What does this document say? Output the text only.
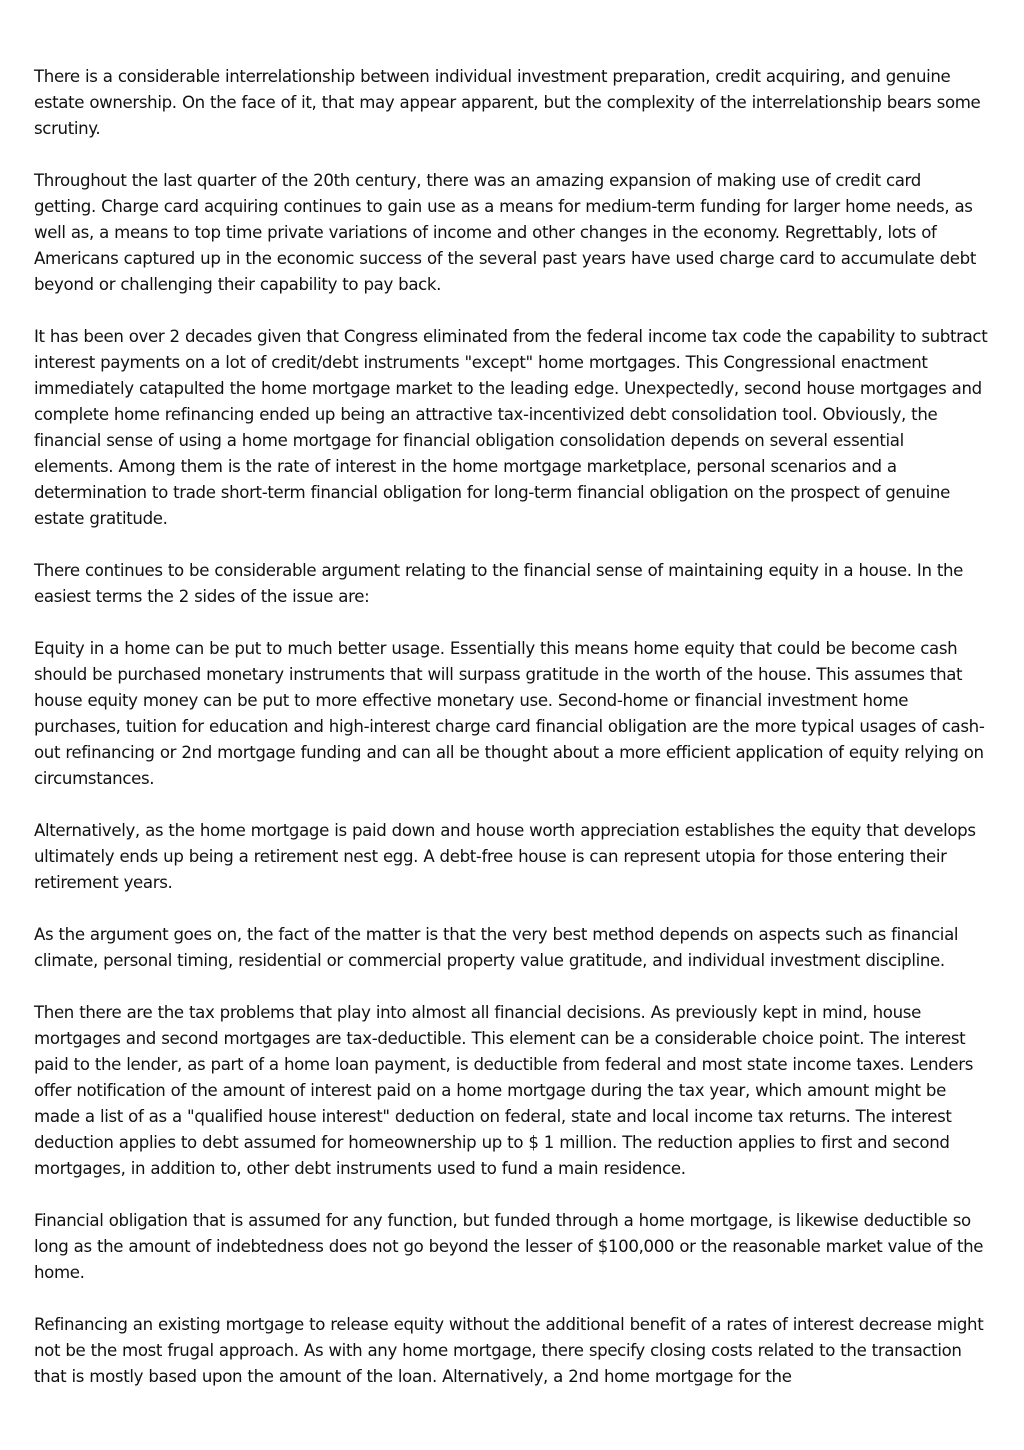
There is a considerable interrelationship between individual investment preparation, credit acquiring, and genuine estate ownership. On the face of it, that may appear apparent, but the complexity of the interrelationship bears some scrutiny.

Throughout the last quarter of the 20th century, there was an amazing expansion of making use of credit card getting. Charge card acquiring continues to gain use as a means for medium-term funding for larger home needs, as well as, a means to top time private variations of income and other changes in the economy. Regrettably, lots of Americans captured up in the economic success of the several past years have used charge card to accumulate debt beyond or challenging their capability to pay back.

It has been over 2 decades given that Congress eliminated from the federal income tax code the capability to subtract interest payments on a lot of credit/debt instruments "except" home mortgages. This Congressional enactment immediately catapulted the home mortgage market to the leading edge. Unexpectedly, second house mortgages and complete home refinancing ended up being an attractive tax-incentivized debt consolidation tool. Obviously, the financial sense of using a home mortgage for financial obligation consolidation depends on several essential elements. Among them is the rate of interest in the home mortgage marketplace, personal scenarios and a determination to trade short-term financial obligation for long-term financial obligation on the prospect of genuine estate gratitude.

There continues to be considerable argument relating to the financial sense of maintaining equity in a house. In the easiest terms the 2 sides of the issue are:

Equity in a home can be put to much better usage. Essentially this means home equity that could be become cash should be purchased monetary instruments that will surpass gratitude in the worth of the house. This assumes that house equity money can be put to more effective monetary use. Second-home or financial investment home purchases, tuition for education and high-interest charge card financial obligation are the more typical usages of cash-out refinancing or 2nd mortgage funding and can all be thought about a more efficient application of equity relying on circumstances.

Alternatively, as the home mortgage is paid down and house worth appreciation establishes the equity that develops ultimately ends up being a retirement nest egg. A debt-free house is can represent utopia for those entering their retirement years.

As the argument goes on, the fact of the matter is that the very best method depends on aspects such as financial climate, personal timing, residential or commercial property value gratitude, and individual investment discipline.

Then there are the tax problems that play into almost all financial decisions. As previously kept in mind, house mortgages and second mortgages are tax-deductible. This element can be a considerable choice point. The interest paid to the lender, as part of a home loan payment, is deductible from federal and most state income taxes. Lenders offer notification of the amount of interest paid on a home mortgage during the tax year, which amount might be made a list of as a "qualified house interest" deduction on federal, state and local income tax returns. The interest deduction applies to debt assumed for homeownership up to $ 1 million. The reduction applies to first and second mortgages, in addition to, other debt instruments used to fund a main residence.

Financial obligation that is assumed for any function, but funded through a home mortgage, is likewise deductible so long as the amount of indebtedness does not go beyond the lesser of $100,000 or the reasonable market value of the home.

Refinancing an existing mortgage to release equity without the additional benefit of a rates of interest decrease might not be the most frugal approach. As with any home mortgage, there specify closing costs related to the transaction that is mostly based upon the amount of the loan. Alternatively, a 2nd home mortgage for the
